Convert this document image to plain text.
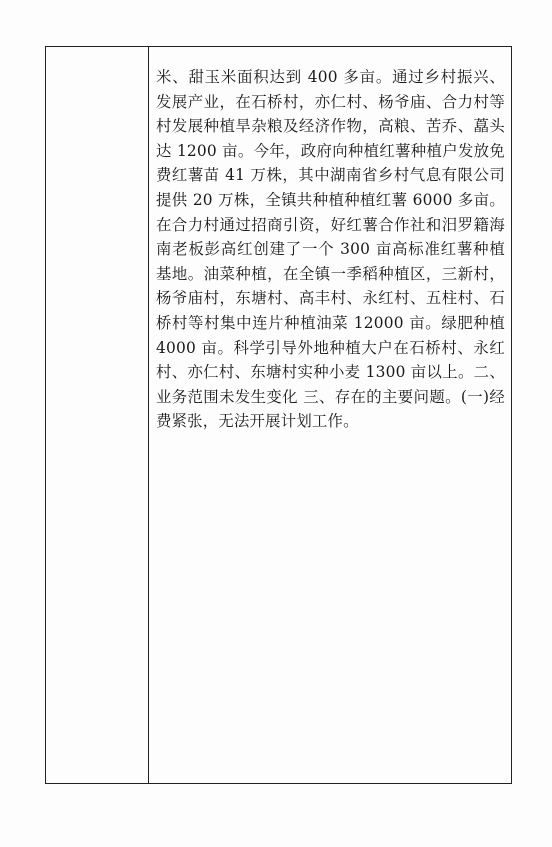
米、甜玉米面积达到 400 多亩。通过乡村振兴、发展产业，在石桥村，亦仁村、杨爷庙、合力村等村发展种植旱杂粮及经济作物，高粮、苦乔、藠头达 1200 亩。今年，政府向种植红薯种植户发放免费红薯苗 41 万株，其中湖南省乡村气息有限公司提供 20 万株，全镇共种植种植红薯 6000 多亩。在合力村通过招商引资，好红薯合作社和汨罗籍海南老板彭高红创建了一个 300 亩高标准红薯种植基地。油菜种植，在全镇一季稻种植区，三新村，杨爷庙村，东塘村、高丰村、永红村、五柱村、石桥村等村集中连片种植油菜 12000 亩。绿肥种植 4000 亩。科学引导外地种植大户在石桥村、永红村、亦仁村、东塘村实种小麦 1300 亩以上。二、业务范围未发生变化 三、存在的主要问题。(一)经费紧张，无法开展计划工作。
